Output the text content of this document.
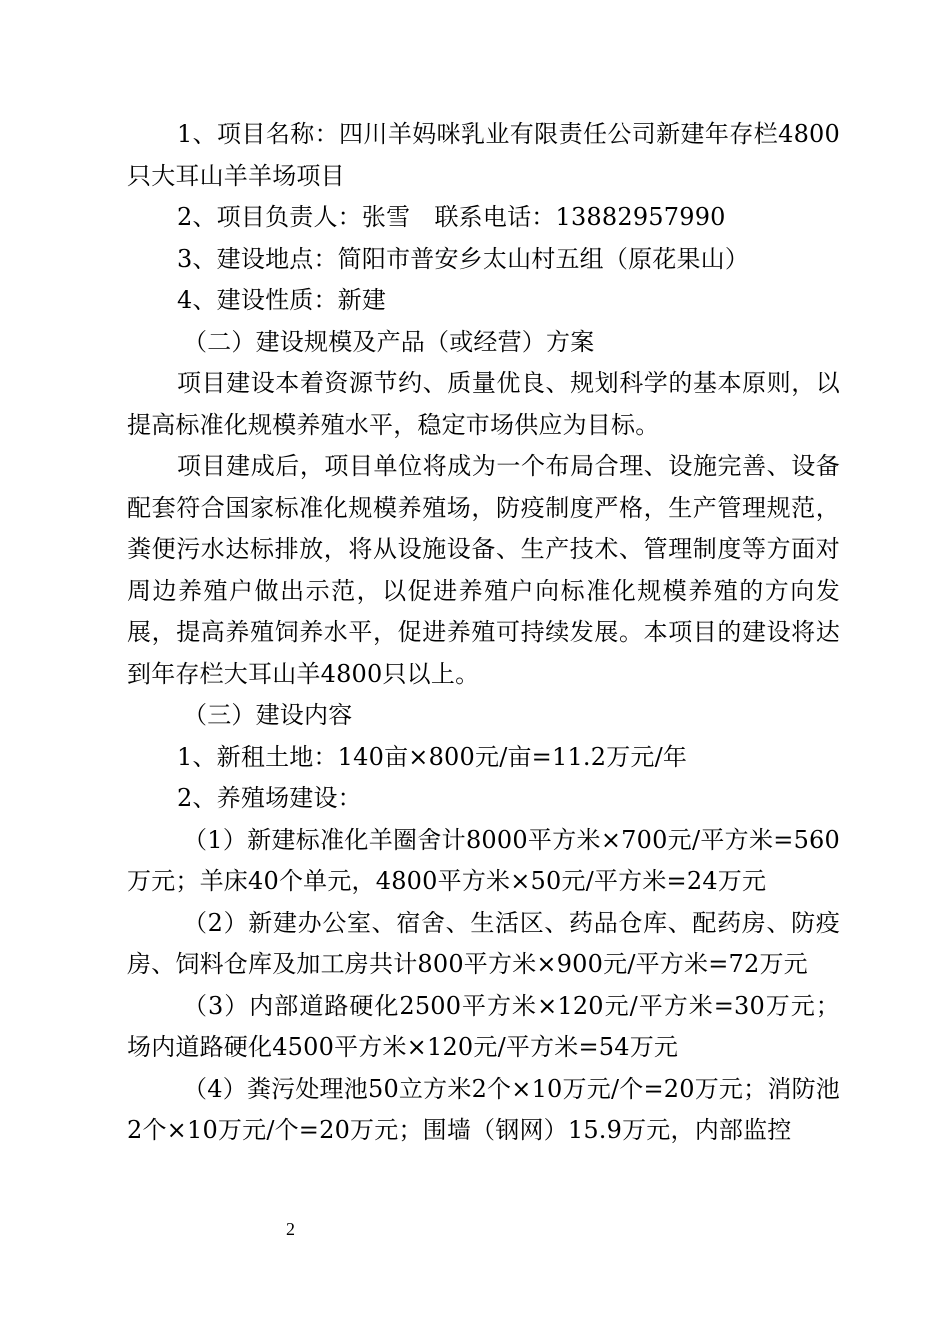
1、项目名称：四川羊妈咪乳业有限责任公司新建年存栏4800只大耳山羊羊场项目

2、项目负责人：张雪　联系电话：13882957990

3、建设地点：简阳市普安乡太山村五组（原花果山）

4、建设性质：新建

（二）建设规模及产品（或经营）方案

项目建设本着资源节约、质量优良、规划科学的基本原则，以提高标准化规模养殖水平，稳定市场供应为目标。

项目建成后，项目单位将成为一个布局合理、设施完善、设备配套符合国家标准化规模养殖场，防疫制度严格，生产管理规范，粪便污水达标排放，将从设施设备、生产技术、管理制度等方面对周边养殖户做出示范，以促进养殖户向标准化规模养殖的方向发展，提高养殖饲养水平，促进养殖可持续发展。本项目的建设将达到年存栏大耳山羊4800只以上。

（三）建设内容

1、新租土地：140亩×800元/亩=11.2万元/年

2、养殖场建设：

（1）新建标准化羊圈舍计8000平方米×700元/平方米=560万元；羊床40个单元，4800平方米×50元/平方米=24万元

（2）新建办公室、宿舍、生活区、药品仓库、配药房、防疫房、饲料仓库及加工房共计800平方米×900元/平方米=72万元

（3）内部道路硬化2500平方米×120元/平方米=30万元；场内道路硬化4500平方米×120元/平方米=54万元

（4）粪污处理池50立方米2个×10万元/个=20万元；消防池2个×10万元/个=20万元；围墙（钢网）15.9万元，内部监控

2
